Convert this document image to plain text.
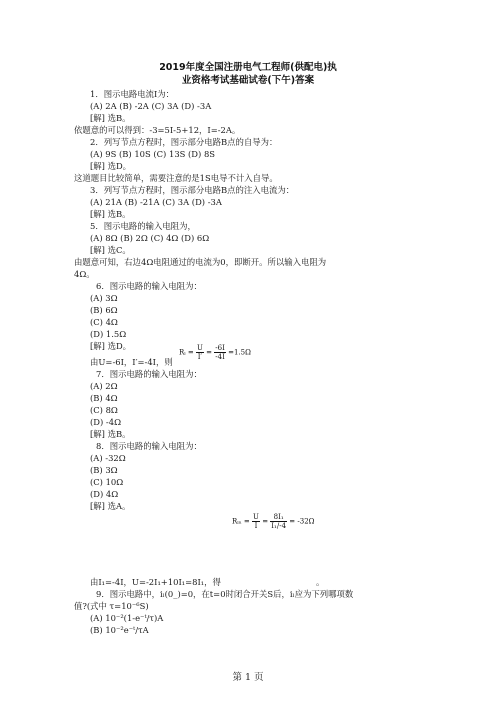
2019年度全国注册电气工程师(供配电)执
业资格考试基础试卷(下午)答案
1．图示电路电流I为：
(A) 2A (B) -2A (C) 3A (D) -3A
[解] 选B。
依题意的可以得到：-3=5I-5+12，I=-2A。
2．列写节点方程时，图示部分电路B点的自导为：
(A) 9S (B) 10S (C) 13S (D) 8S
[解] 选D。
这道题目比较简单，需要注意的是1S电导不计入自导。
3．列写节点方程时，图示部分电路B点的注入电流为：
(A) 21A (B) -21A (C) 3A (D) -3A
[解] 选B。
5．图示电路的输入电阻为，
(A) 8Ω (B) 2Ω (C) 4Ω (D) 6Ω
[解] 选C。
由题意可知，右边4Ω电阻通过的电流为0，即断开。所以输入电阻为
4Ω。
6．图示电路的输入电阻为：
(A) 3Ω
(B) 6Ω
(C) 4Ω
(D) 1.5Ω
[解] 选D。
由U=-6I，I′=-4I，则
Rᵢ = $\frac{U}{I'} = \frac{-6I}{-4I} =1.5\Omega$
7．图示电路的输入电阻为：
(A) 2Ω
(B) 4Ω
(C) 8Ω
(D) -4Ω
[解] 选B。
8．图示电路的输入电阻为：
(A) -32Ω
(B) 3Ω
(C) 10Ω
(D) 4Ω
[解] 选A。
Rᵢₙ = $\frac{U}{I} = \frac{\text{8I₁}}{\text{I₁/-4}} = -32\Omega$
由I₁=-4I，U=-2I₁+10I₁=8I₁，得	。
9．图示电路中，iₗ(0_)=0，在t=0时闭合开关S后，iₗ应为下列哪项数
值?(式中 τ=10⁻⁶S)
(A) 10⁻²(1-e⁻ᵗ/τ)A
(B) 10⁻²e⁻ᵗ/τA
第 1 页
